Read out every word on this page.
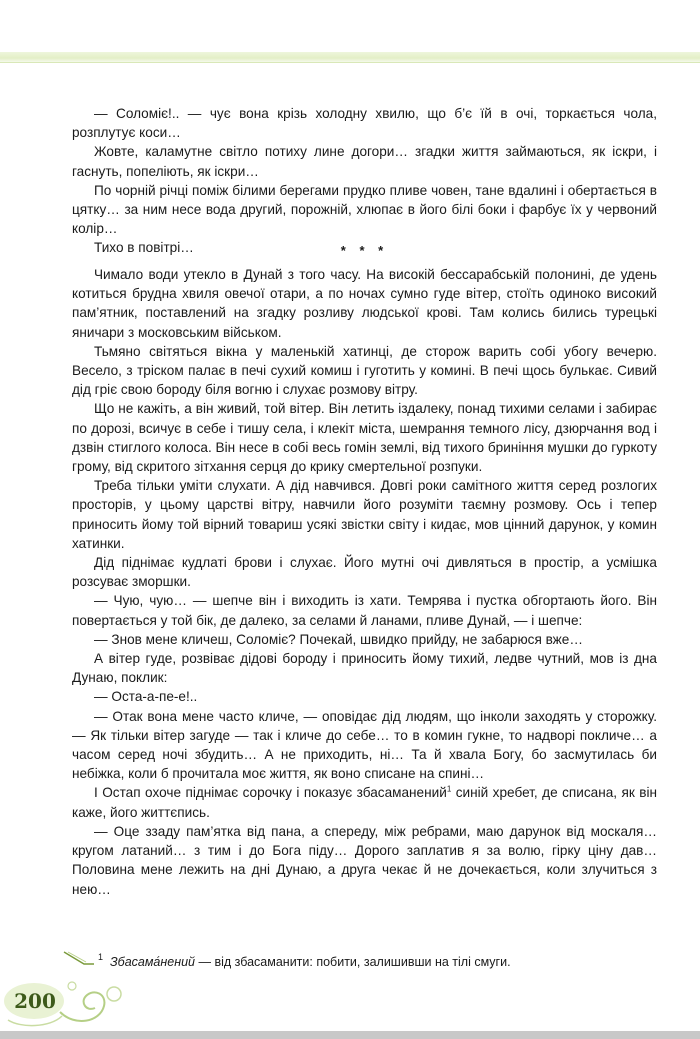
— Соломіє!.. — чує вона крізь холодну хвилю, що б’є їй в очі, торкається чола, розплутує коси…

Жовте, каламутне світло потиху лине догори… згадки життя займаються, як іскри, і гаснуть, попеліють, як іскри…

По чорній річці поміж білими берегами прудко пливе човен, тане вдалині і обертається в цятку… за ним несе вода другий, порожній, хлюпає в його білі боки і фарбує їх у червоний колір…

Тихо в повітрі…	* * *

Чимало води утекло в Дунай з того часу. На високій бессарабській полонині, де удень котиться брудна хвиля овечої отари, а по ночах сумно гуде вітер, стоїть одиноко високий пам’ятник, поставлений на згадку розливу людської крові. Там колись бились турецькі яничари з московським військом.

Тьмяно світяться вікна у маленькій хатинці, де сторож варить собі убогу вечерю. Весело, з тріском палає в печі сухий комиш і гуготить у комині. В печі щось булькає. Сивий дід гріє свою бороду біля вогню і слухає розмову вітру.

Що не кажіть, а він живий, той вітер. Він летить іздалеку, понад тихими селами і забирає по дорозі, всичує в себе і тишу села, і клекіт міста, шемрання темного лісу, дзюрчання вод і дзвін стиглого колоса. Він несе в собі весь гомін землі, від тихого бриніння мушки до гуркоту грому, від скритого зітхання серця до крику смертельної розпуки.

Треба тільки уміти слухати. А дід навчився. Довгі роки самітного життя серед розлогих просторів, у цьому царстві вітру, навчили його розуміти таємну розмову. Ось і тепер приносить йому той вірний товариш усякі звістки світу і кидає, мов цінний дарунок, у комин хатинки.

Дід піднімає кудлаті брови і слухає. Його мутні очі дивляться в простір, а усмішка розсуває зморшки.

— Чую, чую… — шепче він і виходить із хати. Темрява і пустка обгортають його. Він повертається у той бік, де далеко, за селами й ланами, пливе Дунай, — і шепче:

— Знов мене кличеш, Соломіє? Почекай, швидко прийду, не забарюся вже…

А вітер гуде, розвіває дідові бороду і приносить йому тихий, ледве чутний, мов із дна Дунаю, поклик:

— Оста-а-пе-е!..

— Отак вона мене часто кличе, — оповідає дід людям, що інколи заходять у сторожку. — Як тільки вітер загуде — так і кличе до себе… то в комин гукне, то надворі покличе… а часом серед ночі збудить… А не приходить, ні… Та й хвала Богу, бо засмутилась би небіжка, коли б прочитала моє життя, як воно списане на спині…

І Остап охоче піднімає сорочку і показує збасаманений$^1$ синій хребет, де списана, як він каже, його життєпись.

— Оце ззаду пам’ятка від пана, а спереду, між ребрами, маю дарунок від москаля… кругом латаний… з тим і до Бога піду… Дорого заплатив я за волю, гірку ціну дав… Половина мене лежить на дні Дунаю, а друга чекає й не дочекається, коли злучиться з нею…

1 Збасама́нений — від збасаманити: побити, залишивши на тілі смуги.
200
